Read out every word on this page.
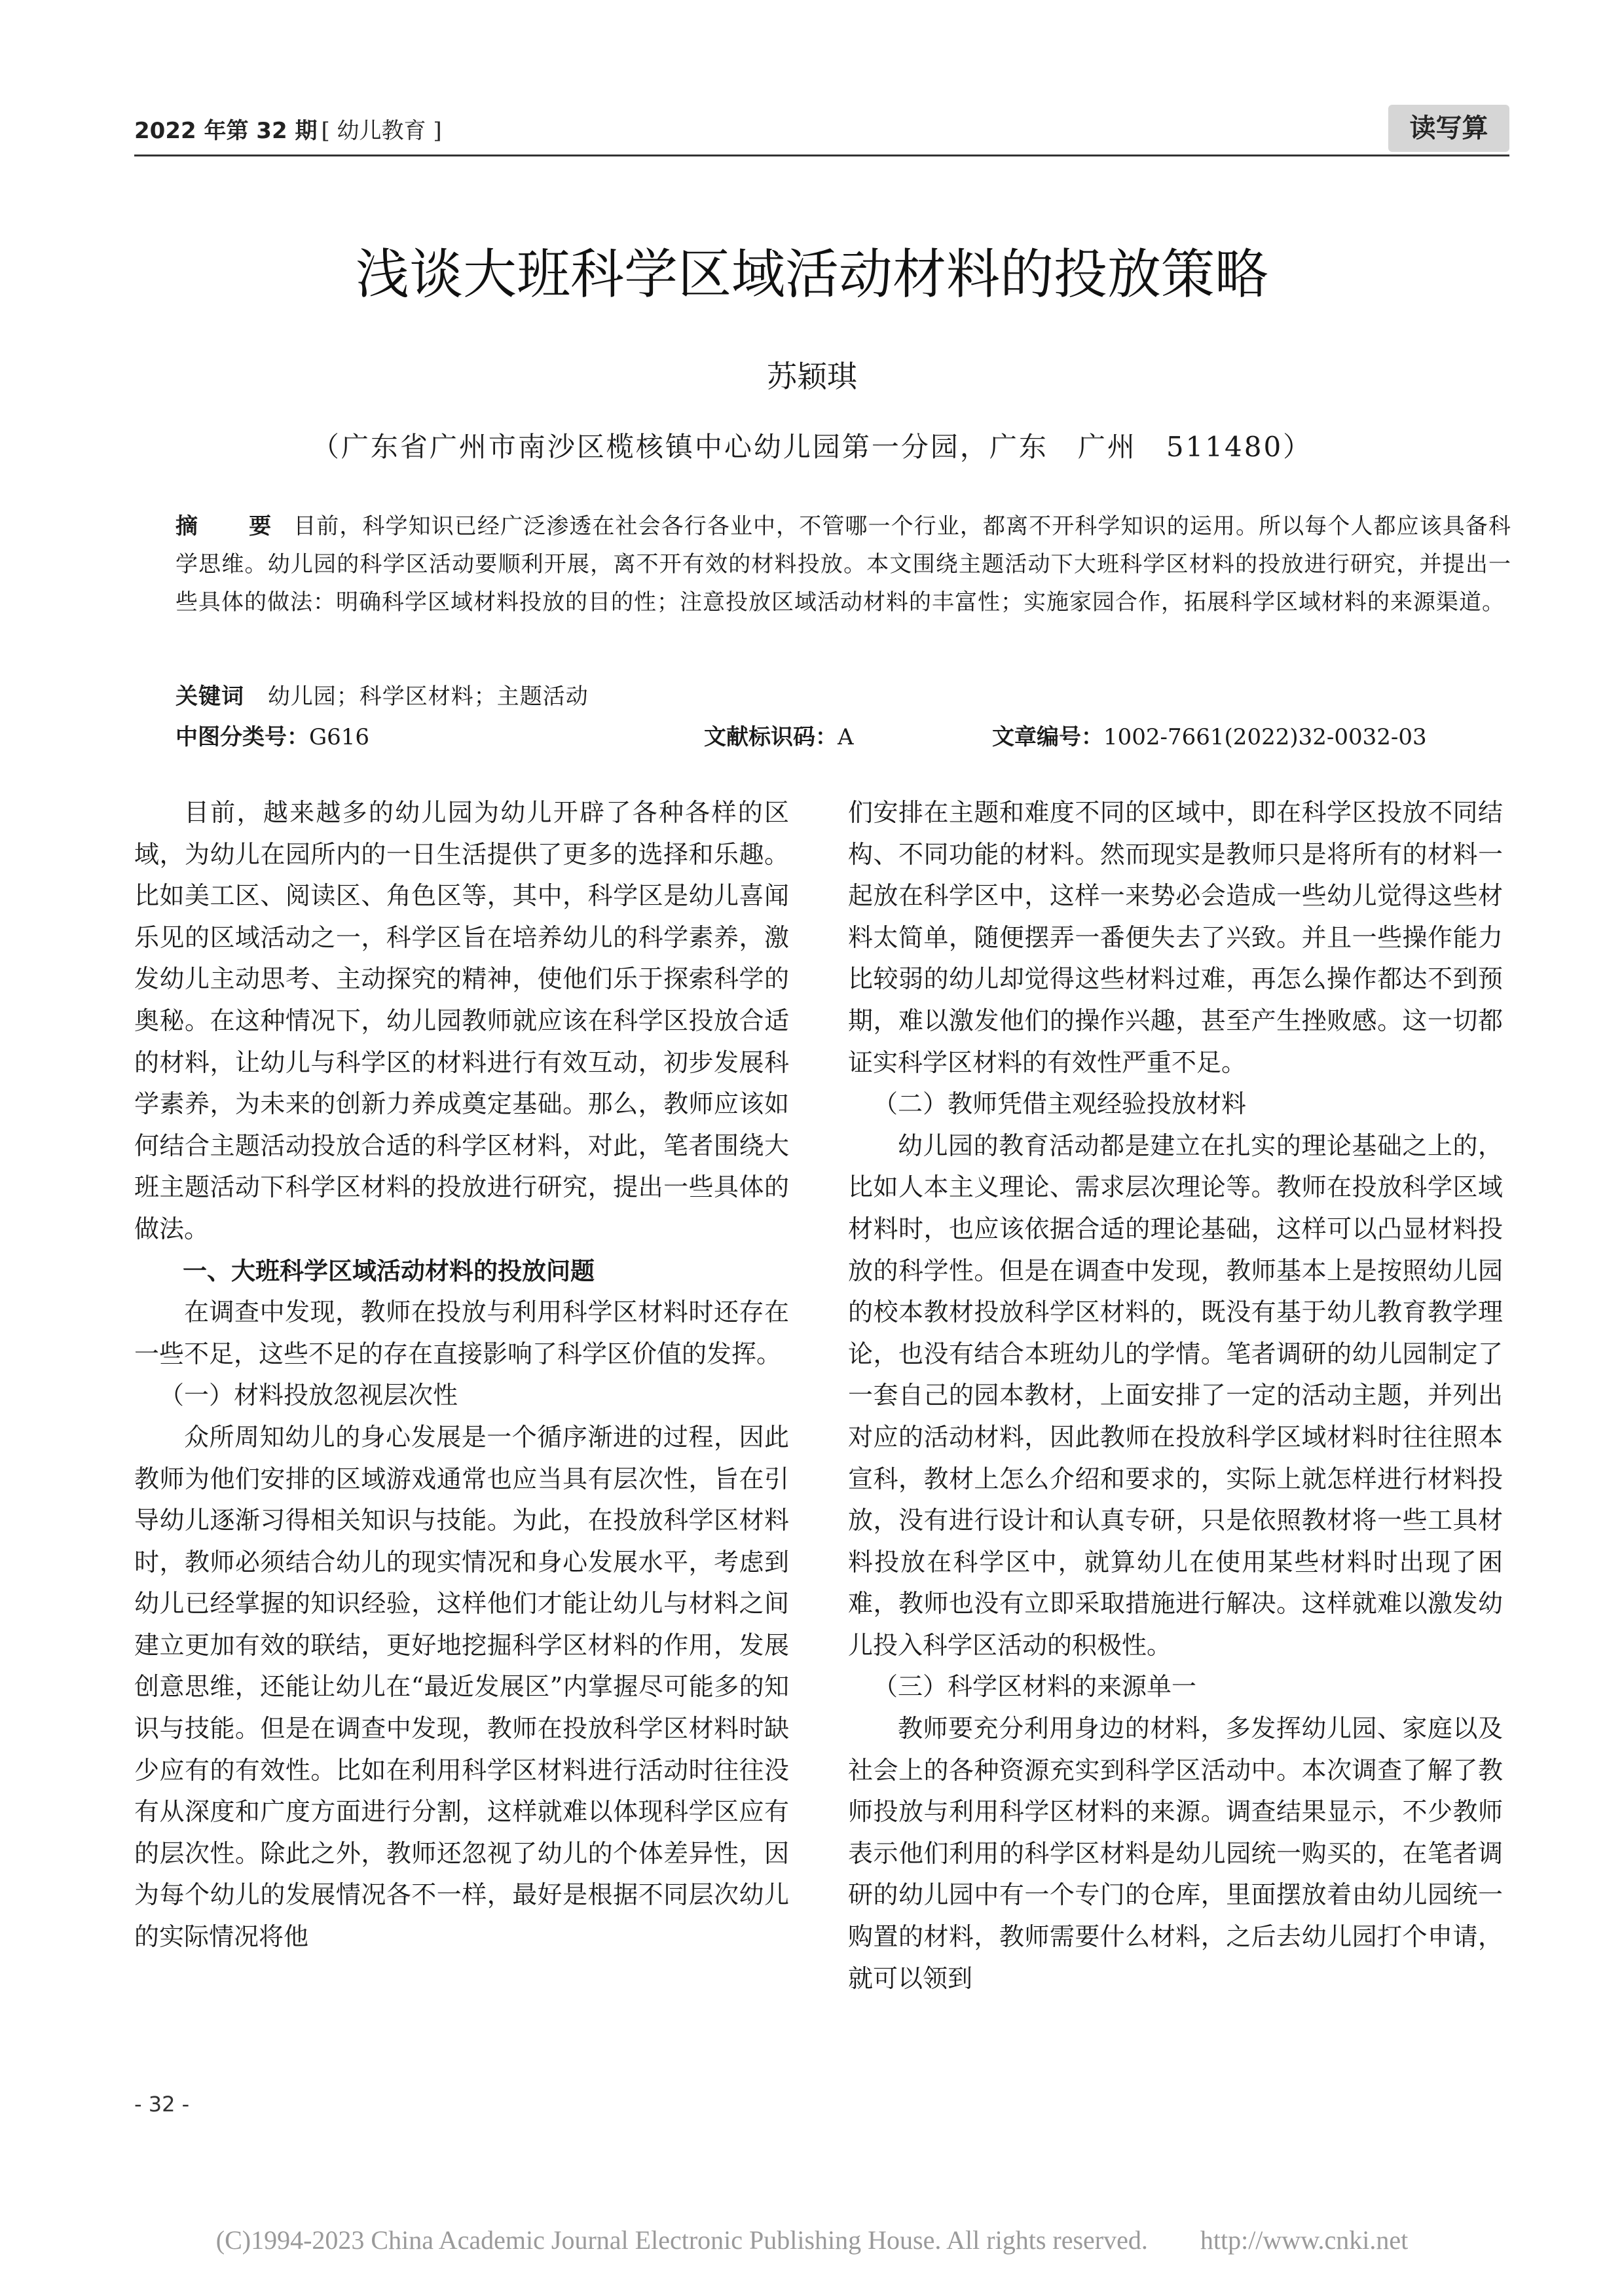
2022 年第 32 期 [ 幼儿教育 ]	读写算
浅谈大班科学区域活动材料的投放策略
苏颖琪
（广东省广州市南沙区榄核镇中心幼儿园第一分园，广东　广州　511480）
摘　要 目前，科学知识已经广泛渗透在社会各行各业中，不管哪一个行业，都离不开科学知识的运用。所以每个人都应该具备科学思维。幼儿园的科学区活动要顺利开展，离不开有效的材料投放。本文围绕主题活动下大班科学区材料的投放进行研究，并提出一些具体的做法：明确科学区域材料投放的目的性；注意投放区域活动材料的丰富性；实施家园合作，拓展科学区域材料的来源渠道。
关键词 幼儿园；科学区材料；主题活动
中图分类号：G616	文献标识码：A	文章编号：1002-7661(2022)32-0032-03

目前，越来越多的幼儿园为幼儿开辟了各种各样的区域，为幼儿在园所内的一日生活提供了更多的选择和乐趣。比如美工区、阅读区、角色区等，其中，科学区是幼儿喜闻乐见的区域活动之一，科学区旨在培养幼儿的科学素养，激发幼儿主动思考、主动探究的精神，使他们乐于探索科学的奥秘。在这种情况下，幼儿园教师就应该在科学区投放合适的材料，让幼儿与科学区的材料进行有效互动，初步发展科学素养，为未来的创新力养成奠定基础。那么，教师应该如何结合主题活动投放合适的科学区材料，对此，笔者围绕大班主题活动下科学区材料的投放进行研究，提出一些具体的做法。

一、大班科学区域活动材料的投放问题

在调查中发现，教师在投放与利用科学区材料时还存在一些不足，这些不足的存在直接影响了科学区价值的发挥。

（一）材料投放忽视层次性

众所周知幼儿的身心发展是一个循序渐进的过程，因此教师为他们安排的区域游戏通常也应当具有层次性，旨在引导幼儿逐渐习得相关知识与技能。为此，在投放科学区材料时，教师必须结合幼儿的现实情况和身心发展水平，考虑到幼儿已经掌握的知识经验，这样他们才能让幼儿与材料之间建立更加有效的联结，更好地挖掘科学区材料的作用，发展创意思维，还能让幼儿在“最近发展区”内掌握尽可能多的知识与技能。但是在调查中发现，教师在投放科学区材料时缺少应有的有效性。比如在利用科学区材料进行活动时往往没有从深度和广度方面进行分割，这样就难以体现科学区应有的层次性。除此之外，教师还忽视了幼儿的个体差异性，因为每个幼儿的发展情况各不一样，最好是根据不同层次幼儿的实际情况将他

们安排在主题和难度不同的区域中，即在科学区投放不同结构、不同功能的材料。然而现实是教师只是将所有的材料一起放在科学区中，这样一来势必会造成一些幼儿觉得这些材料太简单，随便摆弄一番便失去了兴致。并且一些操作能力比较弱的幼儿却觉得这些材料过难，再怎么操作都达不到预期，难以激发他们的操作兴趣，甚至产生挫败感。这一切都证实科学区材料的有效性严重不足。

（二）教师凭借主观经验投放材料

幼儿园的教育活动都是建立在扎实的理论基础之上的，比如人本主义理论、需求层次理论等。教师在投放科学区域材料时，也应该依据合适的理论基础，这样可以凸显材料投放的科学性。但是在调查中发现，教师基本上是按照幼儿园的校本教材投放科学区材料的，既没有基于幼儿教育教学理论，也没有结合本班幼儿的学情。笔者调研的幼儿园制定了一套自己的园本教材，上面安排了一定的活动主题，并列出对应的活动材料，因此教师在投放科学区域材料时往往照本宣科，教材上怎么介绍和要求的，实际上就怎样进行材料投放，没有进行设计和认真专研，只是依照教材将一些工具材料投放在科学区中，就算幼儿在使用某些材料时出现了困难，教师也没有立即采取措施进行解决。这样就难以激发幼儿投入科学区活动的积极性。

（三）科学区材料的来源单一

教师要充分利用身边的材料，多发挥幼儿园、家庭以及社会上的各种资源充实到科学区活动中。本次调查了解了教师投放与利用科学区材料的来源。调查结果显示，不少教师表示他们利用的科学区材料是幼儿园统一购买的，在笔者调研的幼儿园中有一个专门的仓库，里面摆放着由幼儿园统一购置的材料，教师需要什么材料，之后去幼儿园打个申请，就可以领到

- 32 -
(C)1994-2023 China Academic Journal Electronic Publishing House. All rights reserved.　　http://www.cnki.net
